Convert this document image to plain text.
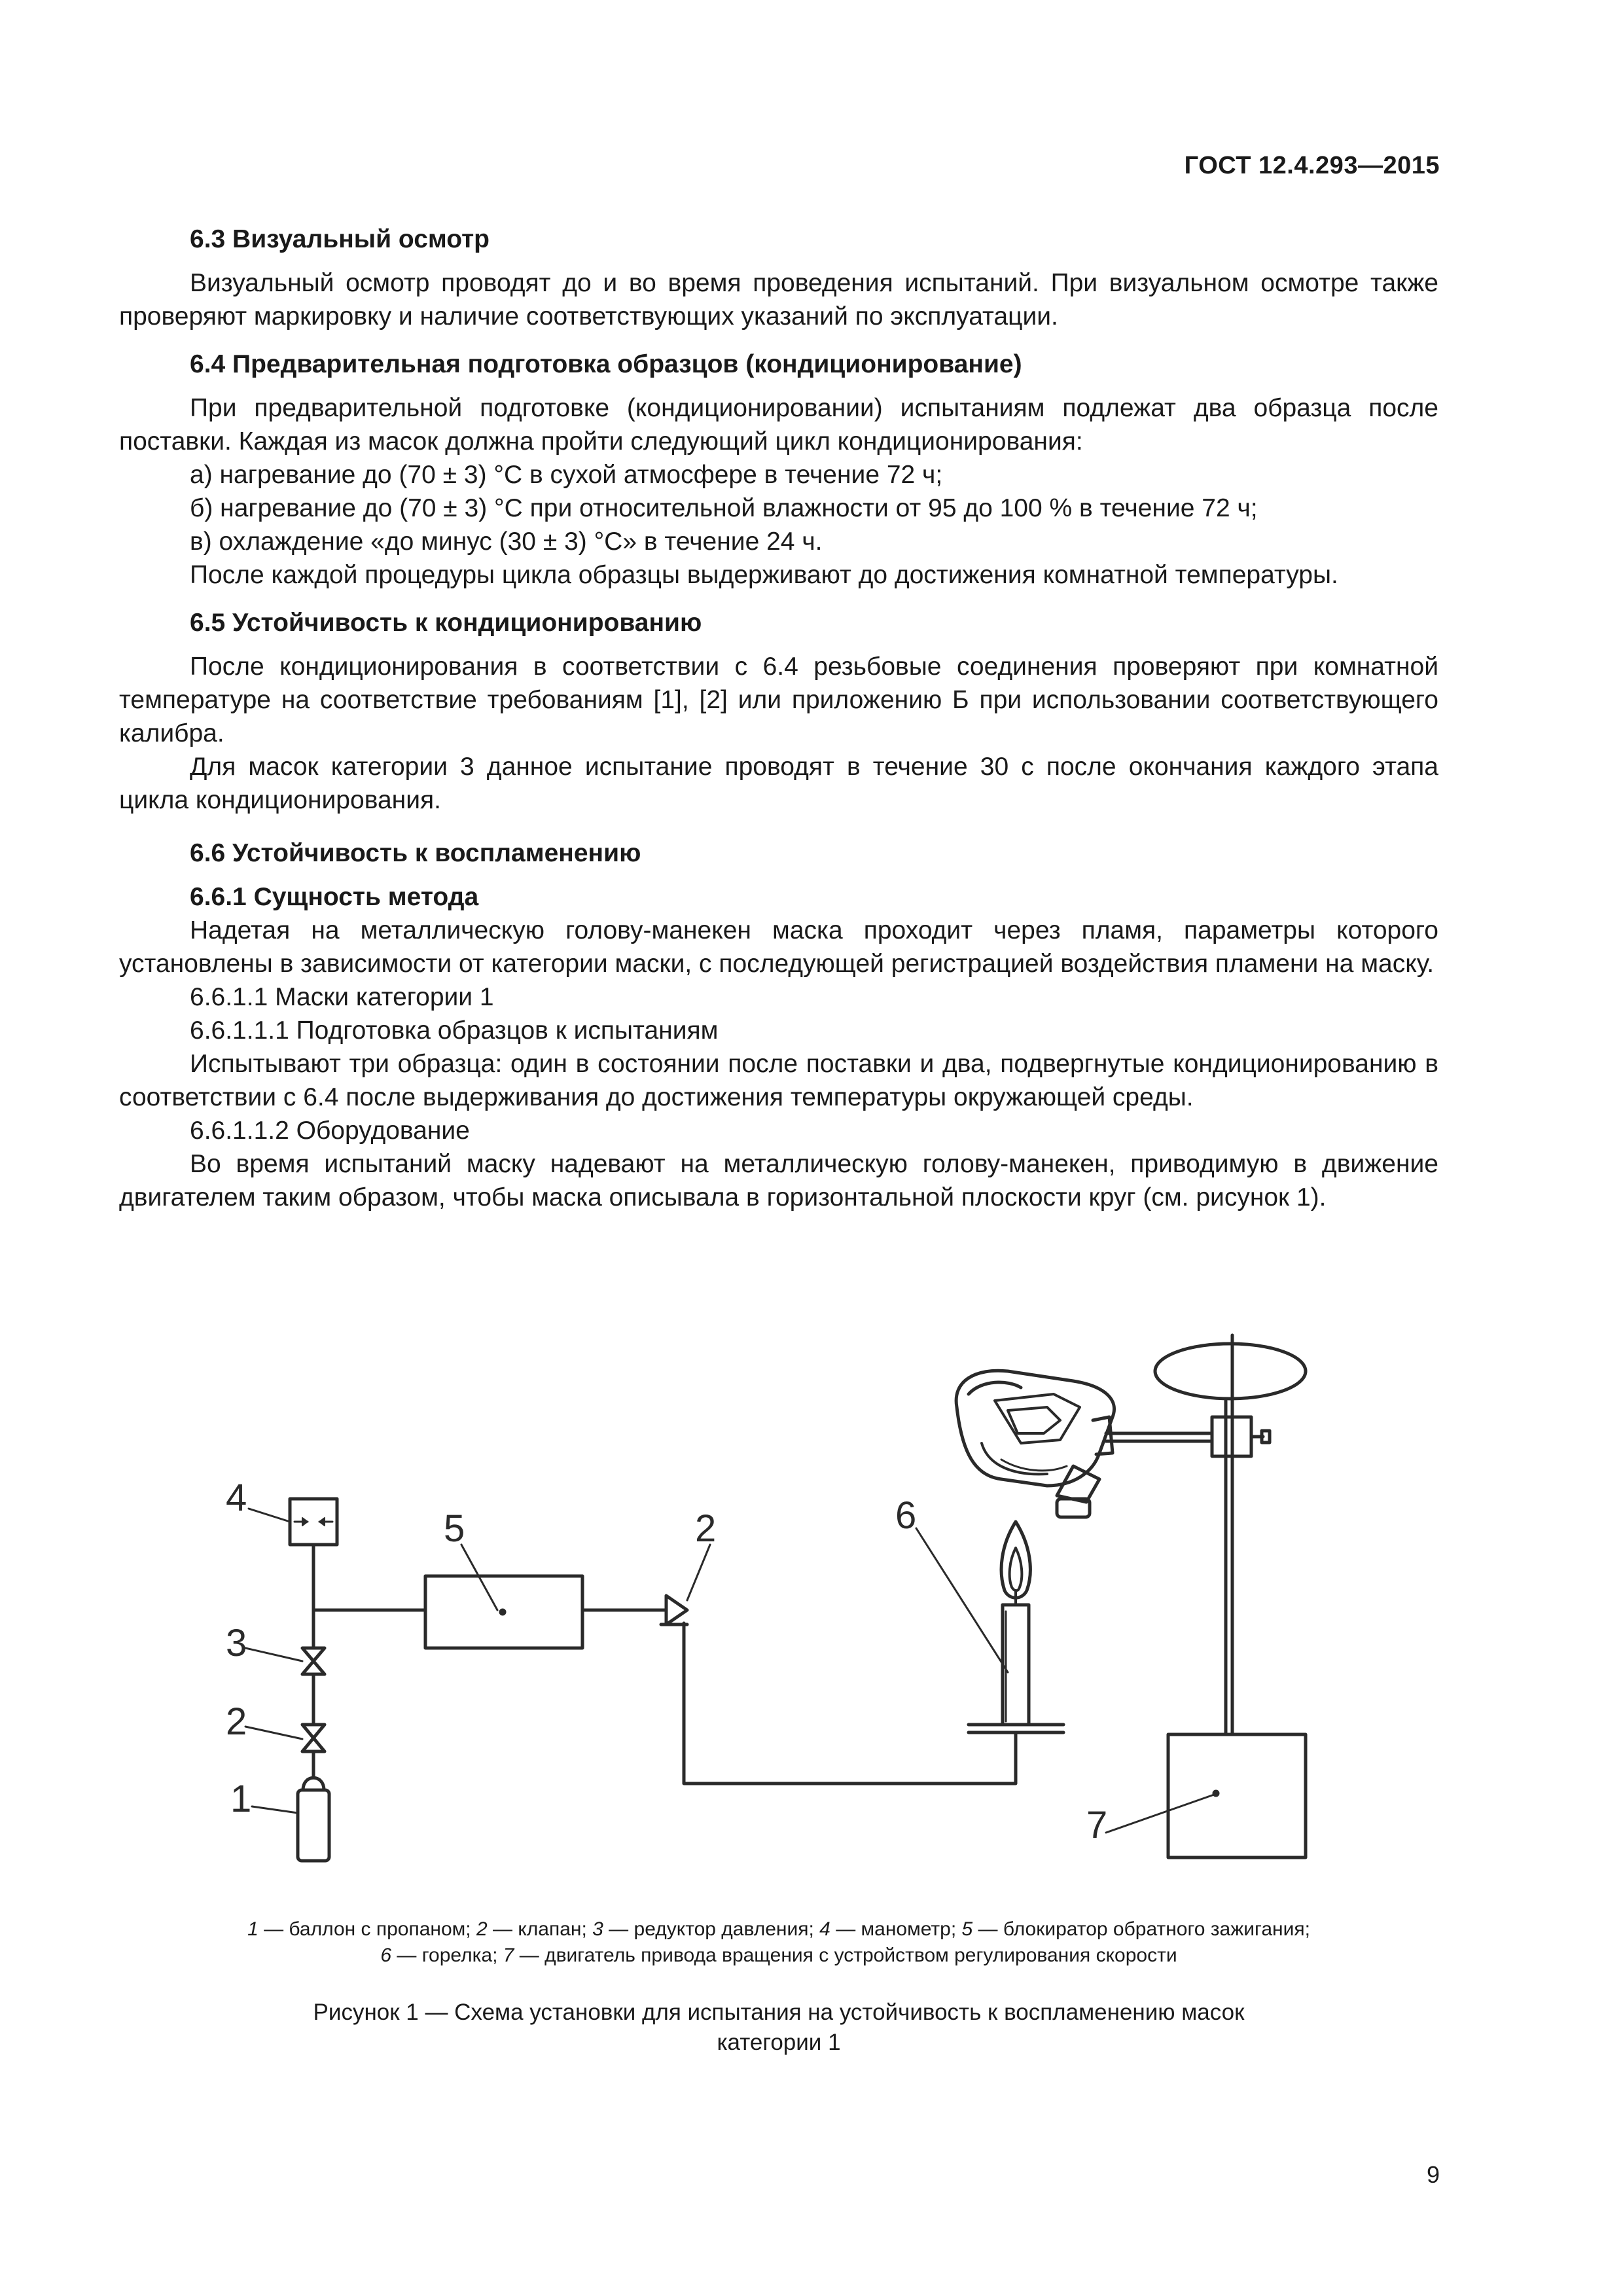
ГОСТ 12.4.293—2015

6.3 Визуальный осмотр

Визуальный осмотр проводят до и во время проведения испытаний. При визуальном осмотре также проверяют маркировку и наличие соответствующих указаний по эксплуатации.

6.4 Предварительная подготовка образцов (кондиционирование)

При предварительной подготовке (кондиционировании) испытаниям подлежат два образца после поставки. Каждая из масок должна пройти следующий цикл кондиционирования:

а) нагревание до (70 ± 3) °С в сухой атмосфере в течение 72 ч;

б) нагревание до (70 ± 3) °С при относительной влажности от 95 до 100 % в течение 72 ч;

в) охлаждение «до минус (30 ± 3) °С» в течение 24 ч.

После каждой процедуры цикла образцы выдерживают до достижения комнатной температуры.

6.5 Устойчивость к кондиционированию

После кондиционирования в соответствии с 6.4 резьбовые соединения проверяют при комнатной температуре на соответствие требованиям [1], [2] или приложению Б при использовании соответствующего калибра.

Для масок категории 3 данное испытание проводят в течение 30 с после окончания каждого этапа цикла кондиционирования.

6.6 Устойчивость к воспламенению

6.6.1 Сущность метода

Надетая на металлическую голову-манекен маска проходит через пламя, параметры которого установлены в зависимости от категории маски, с последующей регистрацией воздействия пламени на маску.

6.6.1.1 Маски категории 1

6.6.1.1.1 Подготовка образцов к испытаниям

Испытывают три образца: один в состоянии после поставки и два, подвергнутые кондиционированию в соответствии с 6.4 после выдерживания до достижения температуры окружающей среды.

6.6.1.1.2 Оборудование

Во время испытаний маску надевают на металлическую голову-манекен, приводимую в движение двигателем таким образом, чтобы маска описывала в горизонтальной плоскости круг (см. рисунок 1).

4
5	2	6
3
2
1
7
1 — баллон с пропаном; 2 — клапан; 3 — редуктор давления; 4 — манометр; 5 — блокиратор обратного зажигания;
6 — горелка; 7 — двигатель привода вращения с устройством регулирования скорости
Рисунок 1 — Схема установки для испытания на устойчивость к воспламенению масок
категории 1
9
